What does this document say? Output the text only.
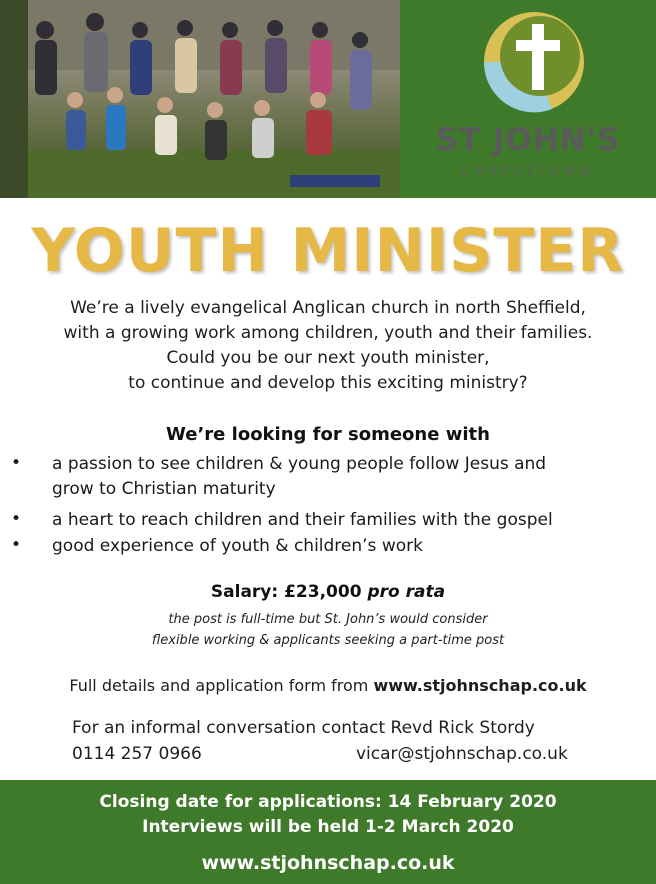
ST JOHN'S
CHAPELTOWN
YOUTH MINISTER
We’re a lively evangelical Anglican church in north Sheffield,
with a growing work among children, youth and their families.
Could you be our next youth minister,
to continue and develop this exciting ministry?
We’re looking for someone with
• a passion to see children & young people follow Jesus and
grow to Christian maturity
• a heart to reach children and their families with the gospel
• good experience of youth & children’s work
Salary: £23,000 pro rata
the post is full-time but St. John’s would consider
flexible working & applicants seeking a part-time post
Full details and application form from www.stjohnschap.co.uk
For an informal conversation contact Revd Rick Stordy
0114 257 0966	vicar@stjohnschap.co.uk
Closing date for applications: 14 February 2020
Interviews will be held 1-2 March 2020
www.stjohnschap.co.uk
